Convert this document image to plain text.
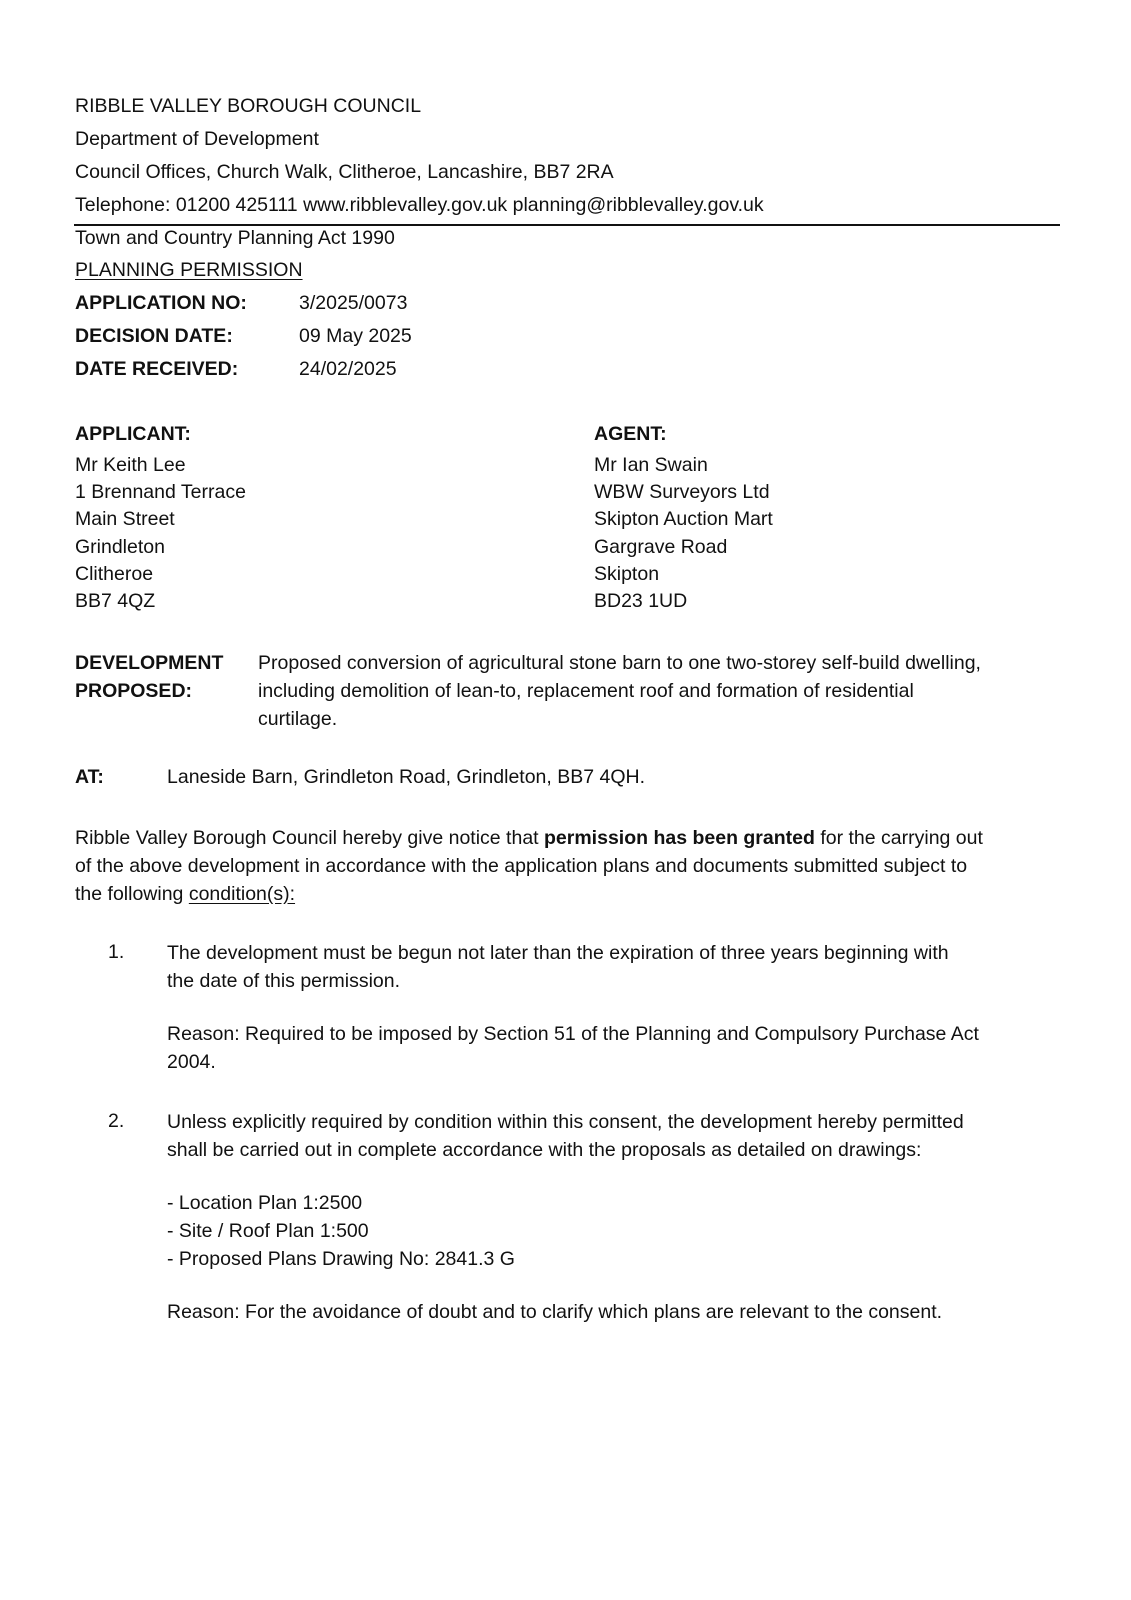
RIBBLE VALLEY BOROUGH COUNCIL
Department of Development
Council Offices, Church Walk, Clitheroe, Lancashire, BB7 2RA
Telephone: 01200 425111 www.ribblevalley.gov.uk planning@ribblevalley.gov.uk
Town and Country Planning Act 1990
PLANNING PERMISSION
APPLICATION NO:	3/2025/0073
DECISION DATE:	09 May 2025
DATE RECEIVED:	24/02/2025
APPLICANT:
Mr Keith Lee
1 Brennand Terrace
Main Street
Grindleton
Clitheroe
BB7 4QZ
AGENT:
Mr Ian Swain
WBW Surveyors Ltd
Skipton Auction Mart
Gargrave Road
Skipton
BD23 1UD
DEVELOPMENT
PROPOSED:
Proposed conversion of agricultural stone barn to one two-storey self-build dwelling,
including demolition of lean-to, replacement roof and formation of residential
curtilage.
AT:	Laneside Barn, Grindleton Road, Grindleton, BB7 4QH.
Ribble Valley Borough Council hereby give notice that permission has been granted for the carrying out
of the above development in accordance with the application plans and documents submitted subject to
the following condition(s):
1. The development must be begun not later than the expiration of three years beginning with
the date of this permission.
Reason: Required to be imposed by Section 51 of the Planning and Compulsory Purchase Act
2004.
2. Unless explicitly required by condition within this consent, the development hereby permitted
shall be carried out in complete accordance with the proposals as detailed on drawings:
- Location Plan 1:2500
- Site / Roof Plan 1:500
- Proposed Plans Drawing No: 2841.3 G
Reason: For the avoidance of doubt and to clarify which plans are relevant to the consent.
